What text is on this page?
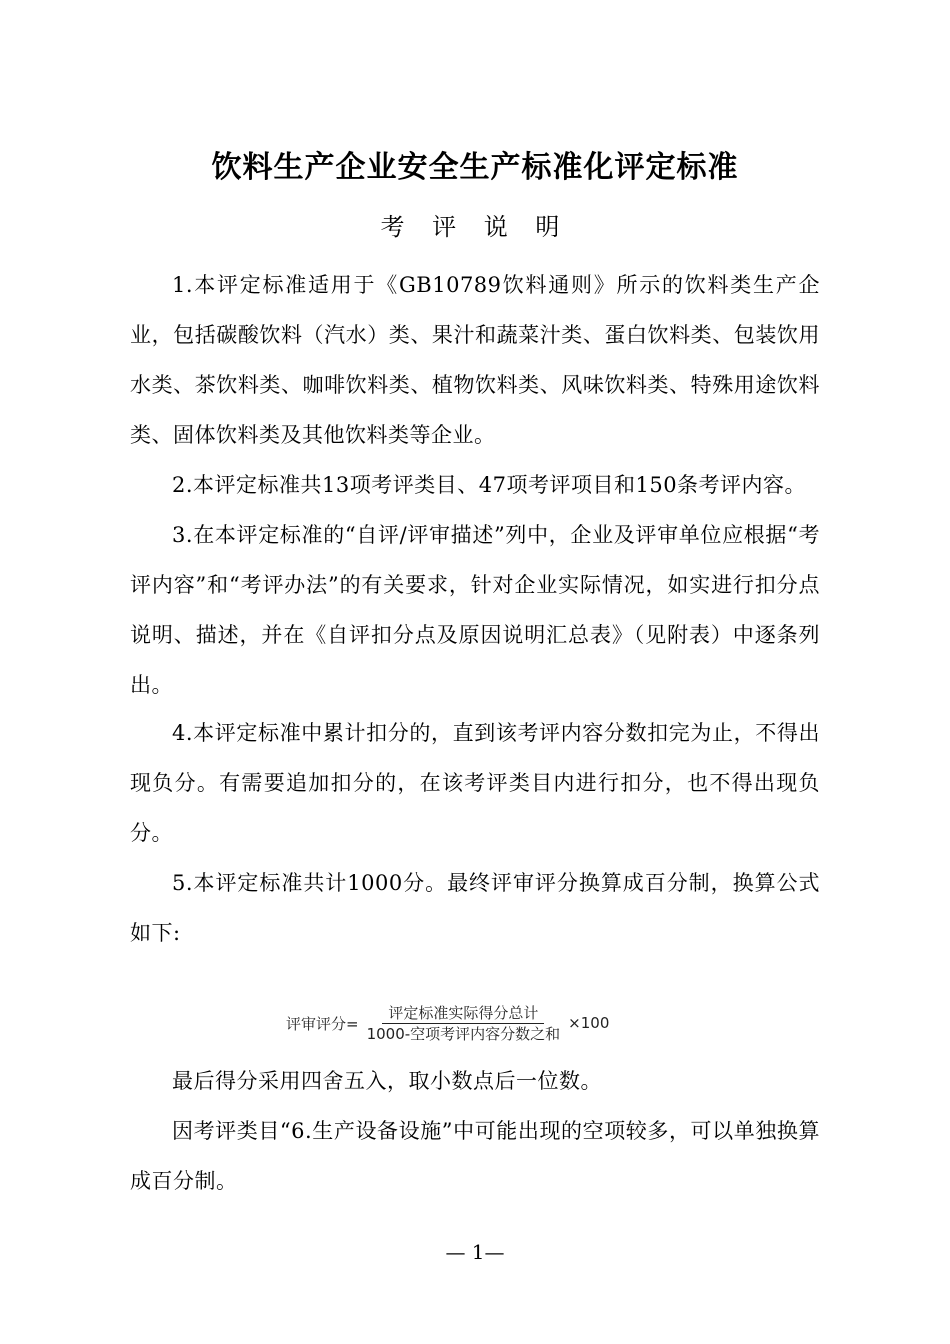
饮料生产企业安全生产标准化评定标准
考 评 说 明

1.本评定标准适用于《GB10789饮料通则》所示的饮料类生产企业，包括碳酸饮料（汽水）类、果汁和蔬菜汁类、蛋白饮料类、包装饮用水类、茶饮料类、咖啡饮料类、植物饮料类、风味饮料类、特殊用途饮料类、固体饮料类及其他饮料类等企业。

2.本评定标准共13项考评类目、47项考评项目和150条考评内容。

3.在本评定标准的“自评/评审描述”列中，企业及评审单位应根据“考评内容”和“考评办法”的有关要求，针对企业实际情况，如实进行扣分点说明、描述，并在《自评扣分点及原因说明汇总表》（见附表）中逐条列出。

4.本评定标准中累计扣分的，直到该考评内容分数扣完为止，不得出现负分。有需要追加扣分的，在该考评类目内进行扣分，也不得出现负分。

5.本评定标准共计1000分。最终评审评分换算成百分制，换算公式如下:

评审评分= $\frac{\text{评定标准实际得分总计}}{\text{1000-空项考评内容分数之和}} \times 100$

最后得分采用四舍五入，取小数点后一位数。

因考评类目“6.生产设备设施”中可能出现的空项较多，可以单独换算成百分制。

— 1—
